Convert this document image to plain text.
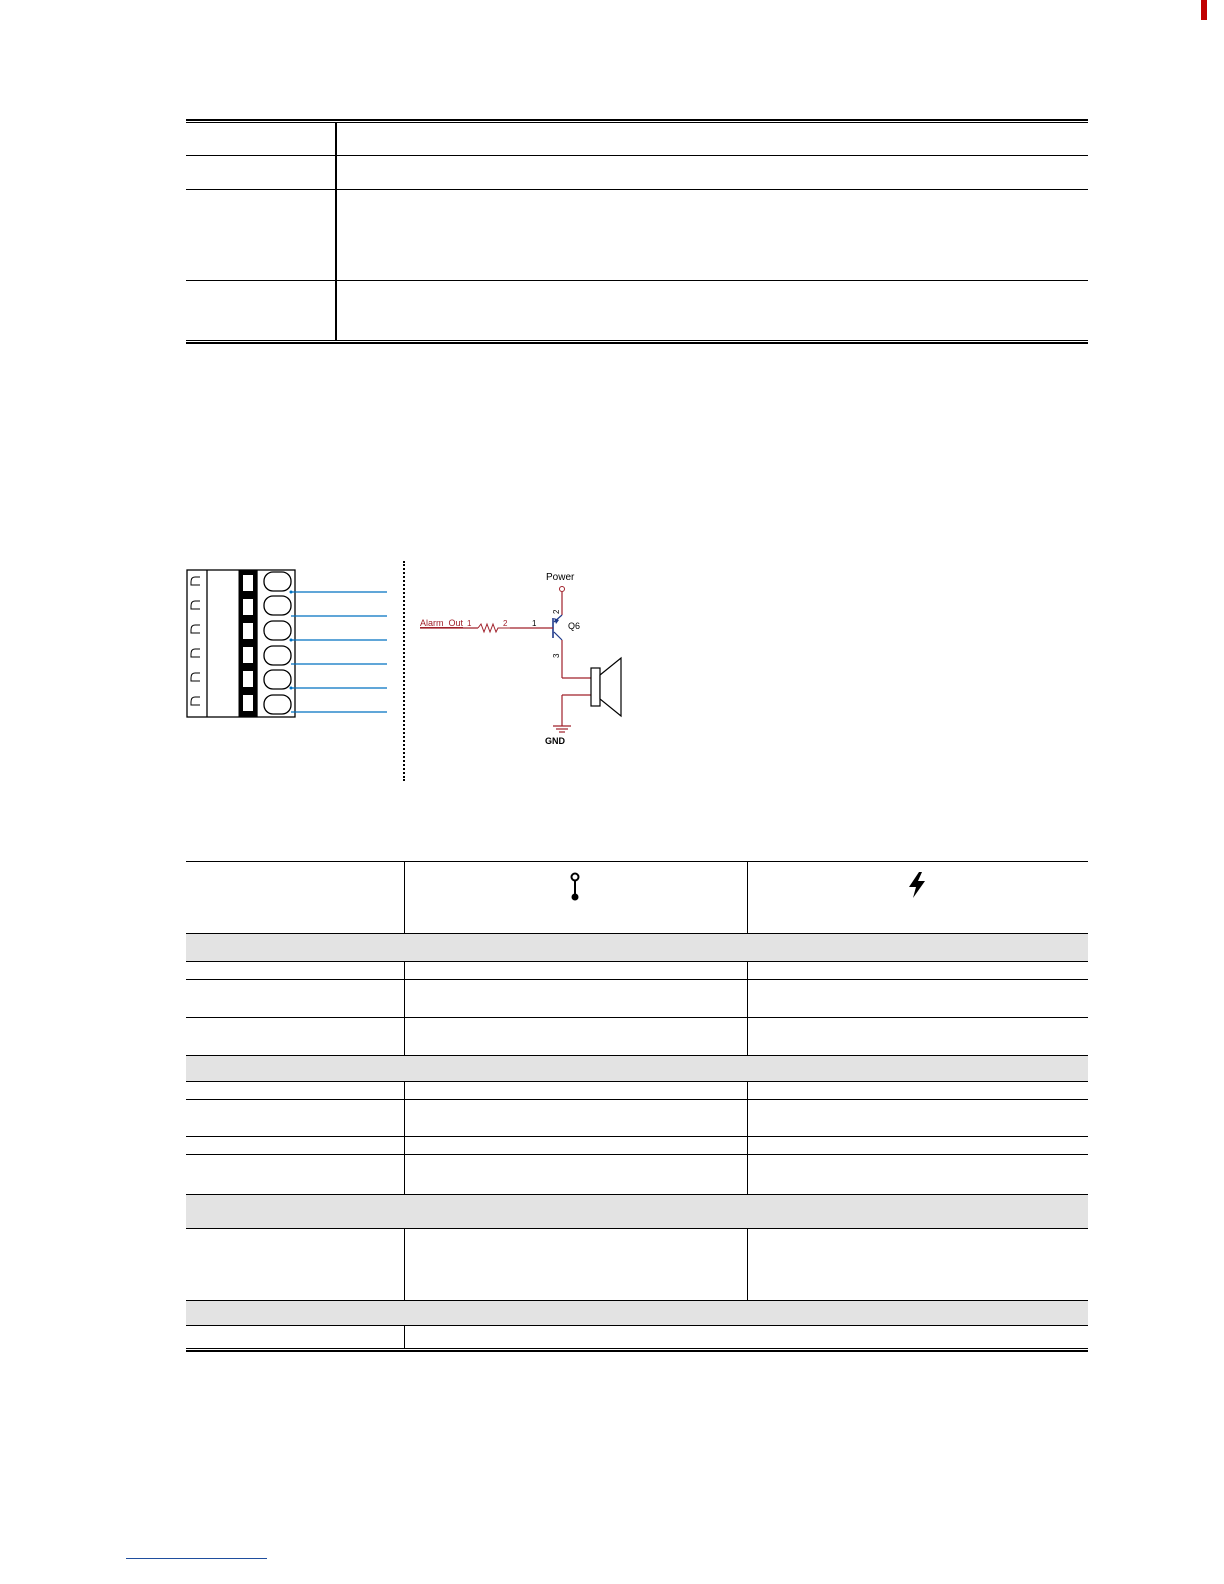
Power
Alarm_Out 1	2	1
2
3
Q6
GND
